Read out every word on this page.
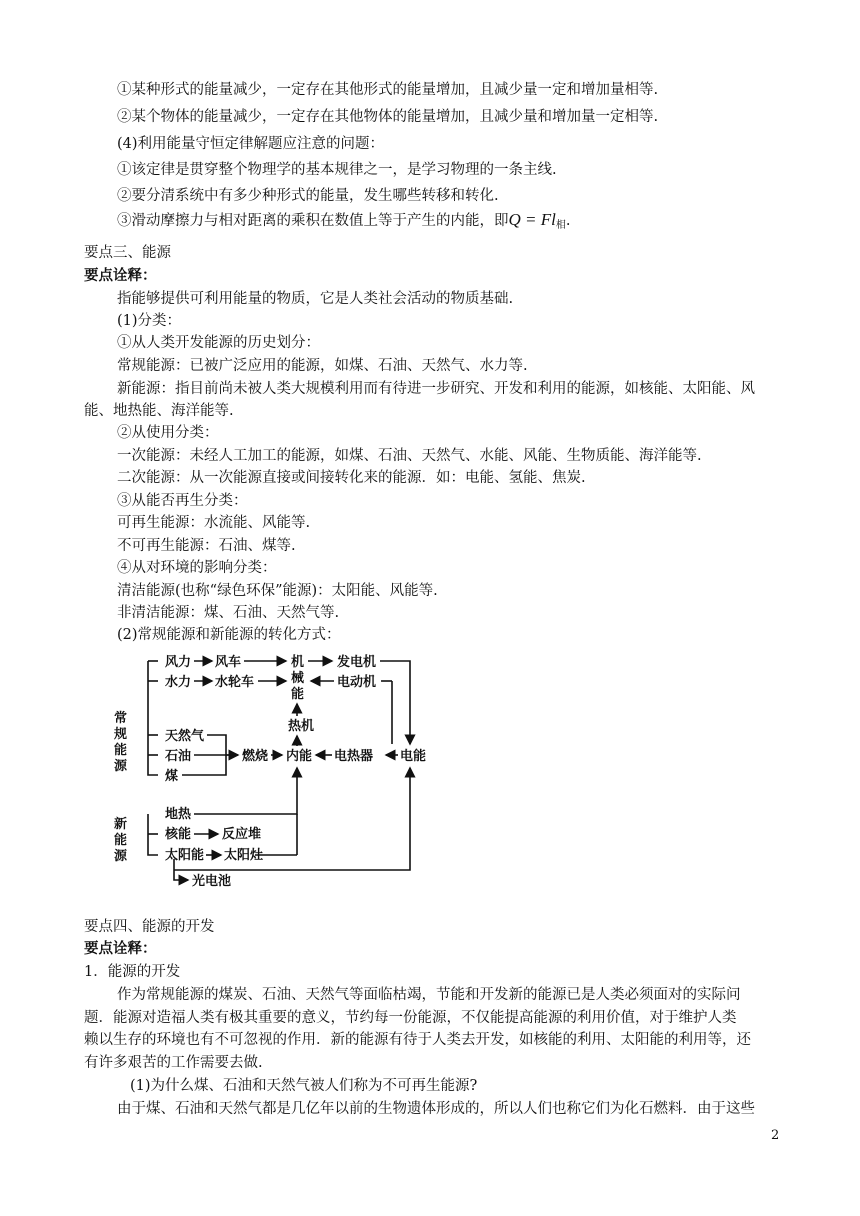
①某种形式的能量减少，一定存在其他形式的能量增加，且减少量一定和增加量相等.
②某个物体的能量减少，一定存在其他物体的能量增加，且减少量和增加量一定相等.
(4)利用能量守恒定律解题应注意的问题：
①该定律是贯穿整个物理学的基本规律之一，是学习物理的一条主线.
②要分清系统中有多少种形式的能量，发生哪些转移和转化.
③滑动摩擦力与相对距离的乘积在数值上等于产生的内能，即$Q = Fl_相$.
要点三、能源
要点诠释：
指能够提供可利用能量的物质，它是人类社会活动的物质基础.
(1)分类：
①从人类开发能源的历史划分：
常规能源：已被广泛应用的能源，如煤、石油、天然气、水力等.
新能源：指目前尚未被人类大规模利用而有待进一步研究、开发和利用的能源，如核能、太阳能、风
能、地热能、海洋能等.
②从使用分类：
一次能源：未经人工加工的能源，如煤、石油、天然气、水能、风能、生物质能、海洋能等.
二次能源：从一次能源直接或间接转化来的能源．如：电能、氢能、焦炭.
③从能否再生分类：
可再生能源：水流能、风能等.
不可再生能源：石油、煤等.
④从对环境的影响分类：
清洁能源(也称“绿色环保”能源)：太阳能、风能等.
非清洁能源：煤、石油、天然气等.
(2)常规能源和新能源的转化方式：
常
规
能
源
新
能
源
风力 风车	机
械
能
发电机
水力 水轮车	电动机
热机
天然气
石油
煤
燃烧 内能 电热器 电能
地热
核能 反应堆
太阳能 太阳灶
光电池
要点四、能源的开发
要点诠释：
1．能源的开发
作为常规能源的煤炭、石油、天然气等面临枯竭，节能和开发新的能源已是人类必须面对的实际问
题．能源对造福人类有极其重要的意义，节约每一份能源，不仅能提高能源的利用价值，对于维护人类
赖以生存的环境也有不可忽视的作用．新的能源有待于人类去开发，如核能的利用、太阳能的利用等，还
有许多艰苦的工作需要去做.
(1)为什么煤、石油和天然气被人们称为不可再生能源?
由于煤、石油和天然气都是几亿年以前的生物遗体形成的，所以人们也称它们为化石燃料．由于这些
2
